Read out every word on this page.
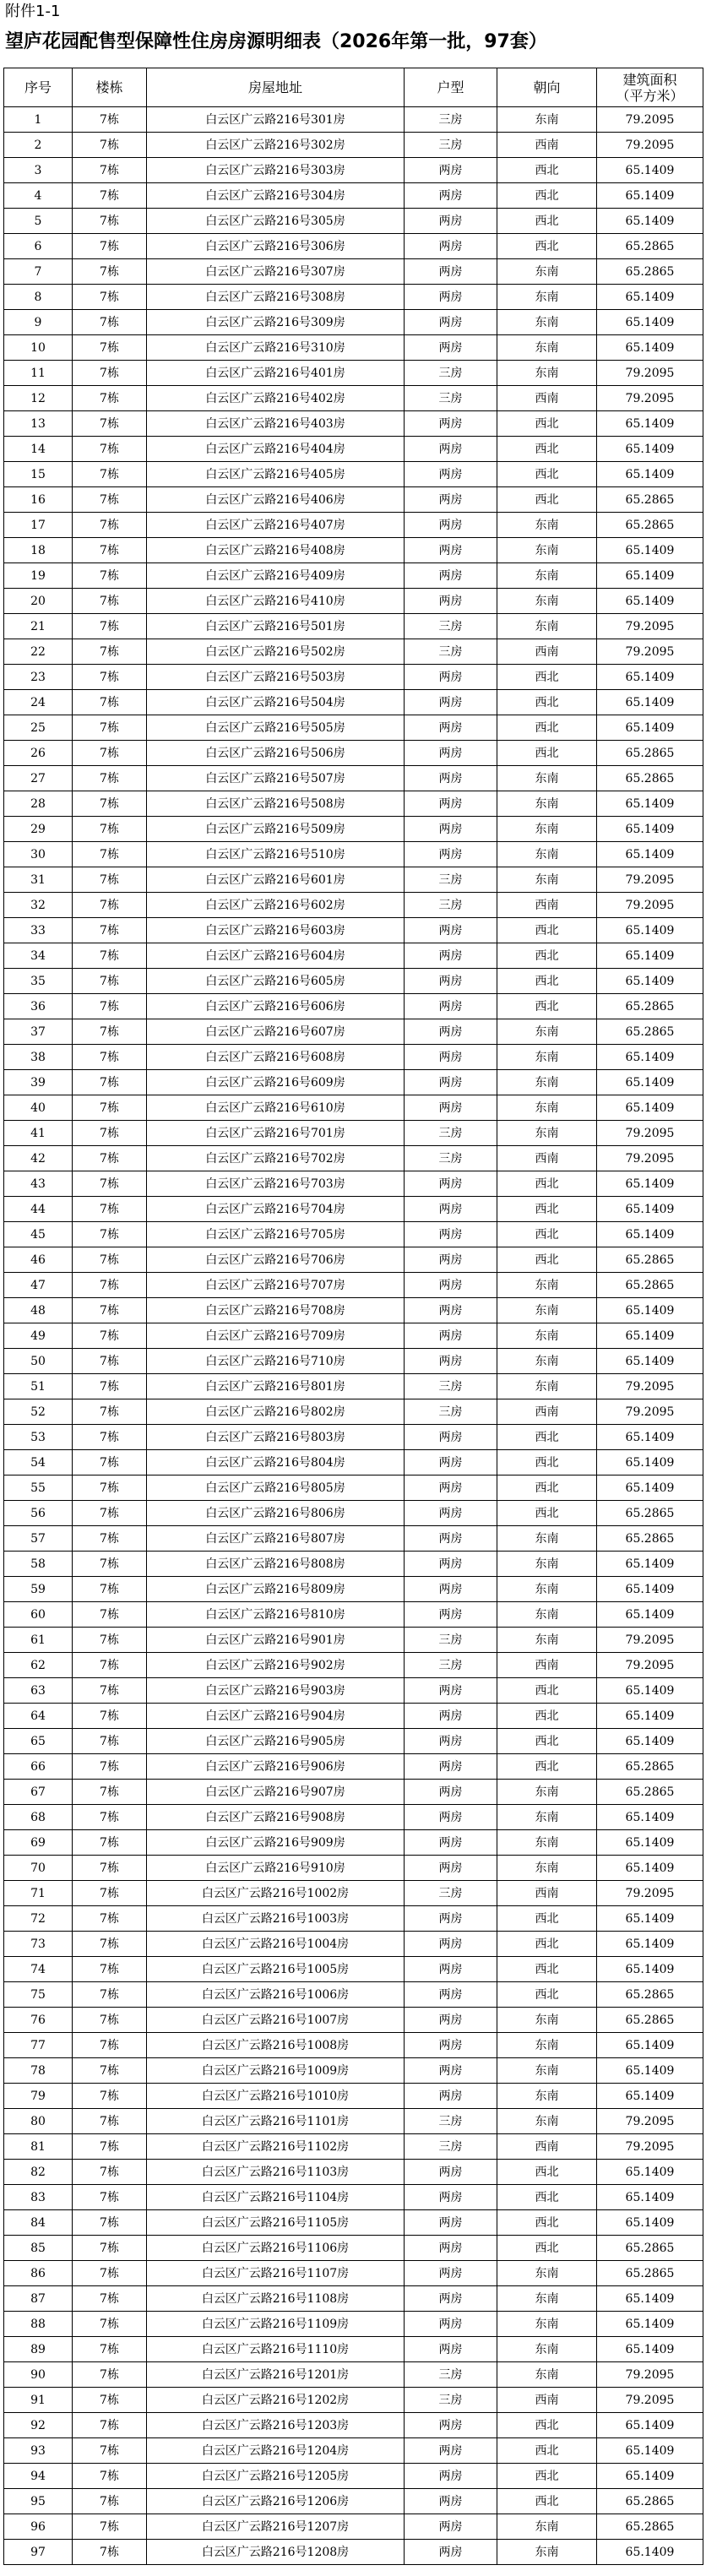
附件1-1
望庐花园配售型保障性住房房源明细表（2026年第一批，97套）
序号	楼栋	房屋地址	户型	朝向	建筑面积
（平方米）
1	7栋	白云区广云路216号301房	三房	东南	79.2095
2	7栋	白云区广云路216号302房	三房	西南	79.2095
3	7栋	白云区广云路216号303房	两房	西北	65.1409
4	7栋	白云区广云路216号304房	两房	西北	65.1409
5	7栋	白云区广云路216号305房	两房	西北	65.1409
6	7栋	白云区广云路216号306房	两房	西北	65.2865
7	7栋	白云区广云路216号307房	两房	东南	65.2865
8	7栋	白云区广云路216号308房	两房	东南	65.1409
9	7栋	白云区广云路216号309房	两房	东南	65.1409
10	7栋	白云区广云路216号310房	两房	东南	65.1409
11	7栋	白云区广云路216号401房	三房	东南	79.2095
12	7栋	白云区广云路216号402房	三房	西南	79.2095
13	7栋	白云区广云路216号403房	两房	西北	65.1409
14	7栋	白云区广云路216号404房	两房	西北	65.1409
15	7栋	白云区广云路216号405房	两房	西北	65.1409
16	7栋	白云区广云路216号406房	两房	西北	65.2865
17	7栋	白云区广云路216号407房	两房	东南	65.2865
18	7栋	白云区广云路216号408房	两房	东南	65.1409
19	7栋	白云区广云路216号409房	两房	东南	65.1409
20	7栋	白云区广云路216号410房	两房	东南	65.1409
21	7栋	白云区广云路216号501房	三房	东南	79.2095
22	7栋	白云区广云路216号502房	三房	西南	79.2095
23	7栋	白云区广云路216号503房	两房	西北	65.1409
24	7栋	白云区广云路216号504房	两房	西北	65.1409
25	7栋	白云区广云路216号505房	两房	西北	65.1409
26	7栋	白云区广云路216号506房	两房	西北	65.2865
27	7栋	白云区广云路216号507房	两房	东南	65.2865
28	7栋	白云区广云路216号508房	两房	东南	65.1409
29	7栋	白云区广云路216号509房	两房	东南	65.1409
30	7栋	白云区广云路216号510房	两房	东南	65.1409
31	7栋	白云区广云路216号601房	三房	东南	79.2095
32	7栋	白云区广云路216号602房	三房	西南	79.2095
33	7栋	白云区广云路216号603房	两房	西北	65.1409
34	7栋	白云区广云路216号604房	两房	西北	65.1409
35	7栋	白云区广云路216号605房	两房	西北	65.1409
36	7栋	白云区广云路216号606房	两房	西北	65.2865
37	7栋	白云区广云路216号607房	两房	东南	65.2865
38	7栋	白云区广云路216号608房	两房	东南	65.1409
39	7栋	白云区广云路216号609房	两房	东南	65.1409
40	7栋	白云区广云路216号610房	两房	东南	65.1409
41	7栋	白云区广云路216号701房	三房	东南	79.2095
42	7栋	白云区广云路216号702房	三房	西南	79.2095
43	7栋	白云区广云路216号703房	两房	西北	65.1409
44	7栋	白云区广云路216号704房	两房	西北	65.1409
45	7栋	白云区广云路216号705房	两房	西北	65.1409
46	7栋	白云区广云路216号706房	两房	西北	65.2865
47	7栋	白云区广云路216号707房	两房	东南	65.2865
48	7栋	白云区广云路216号708房	两房	东南	65.1409
49	7栋	白云区广云路216号709房	两房	东南	65.1409
50	7栋	白云区广云路216号710房	两房	东南	65.1409
51	7栋	白云区广云路216号801房	三房	东南	79.2095
52	7栋	白云区广云路216号802房	三房	西南	79.2095
53	7栋	白云区广云路216号803房	两房	西北	65.1409
54	7栋	白云区广云路216号804房	两房	西北	65.1409
55	7栋	白云区广云路216号805房	两房	西北	65.1409
56	7栋	白云区广云路216号806房	两房	西北	65.2865
57	7栋	白云区广云路216号807房	两房	东南	65.2865
58	7栋	白云区广云路216号808房	两房	东南	65.1409
59	7栋	白云区广云路216号809房	两房	东南	65.1409
60	7栋	白云区广云路216号810房	两房	东南	65.1409
61	7栋	白云区广云路216号901房	三房	东南	79.2095
62	7栋	白云区广云路216号902房	三房	西南	79.2095
63	7栋	白云区广云路216号903房	两房	西北	65.1409
64	7栋	白云区广云路216号904房	两房	西北	65.1409
65	7栋	白云区广云路216号905房	两房	西北	65.1409
66	7栋	白云区广云路216号906房	两房	西北	65.2865
67	7栋	白云区广云路216号907房	两房	东南	65.2865
68	7栋	白云区广云路216号908房	两房	东南	65.1409
69	7栋	白云区广云路216号909房	两房	东南	65.1409
70	7栋	白云区广云路216号910房	两房	东南	65.1409
71	7栋	白云区广云路216号1002房	三房	西南	79.2095
72	7栋	白云区广云路216号1003房	两房	西北	65.1409
73	7栋	白云区广云路216号1004房	两房	西北	65.1409
74	7栋	白云区广云路216号1005房	两房	西北	65.1409
75	7栋	白云区广云路216号1006房	两房	西北	65.2865
76	7栋	白云区广云路216号1007房	两房	东南	65.2865
77	7栋	白云区广云路216号1008房	两房	东南	65.1409
78	7栋	白云区广云路216号1009房	两房	东南	65.1409
79	7栋	白云区广云路216号1010房	两房	东南	65.1409
80	7栋	白云区广云路216号1101房	三房	东南	79.2095
81	7栋	白云区广云路216号1102房	三房	西南	79.2095
82	7栋	白云区广云路216号1103房	两房	西北	65.1409
83	7栋	白云区广云路216号1104房	两房	西北	65.1409
84	7栋	白云区广云路216号1105房	两房	西北	65.1409
85	7栋	白云区广云路216号1106房	两房	西北	65.2865
86	7栋	白云区广云路216号1107房	两房	东南	65.2865
87	7栋	白云区广云路216号1108房	两房	东南	65.1409
88	7栋	白云区广云路216号1109房	两房	东南	65.1409
89	7栋	白云区广云路216号1110房	两房	东南	65.1409
90	7栋	白云区广云路216号1201房	三房	东南	79.2095
91	7栋	白云区广云路216号1202房	三房	西南	79.2095
92	7栋	白云区广云路216号1203房	两房	西北	65.1409
93	7栋	白云区广云路216号1204房	两房	西北	65.1409
94	7栋	白云区广云路216号1205房	两房	西北	65.1409
95	7栋	白云区广云路216号1206房	两房	西北	65.2865
96	7栋	白云区广云路216号1207房	两房	东南	65.2865
97	7栋	白云区广云路216号1208房	两房	东南	65.1409
